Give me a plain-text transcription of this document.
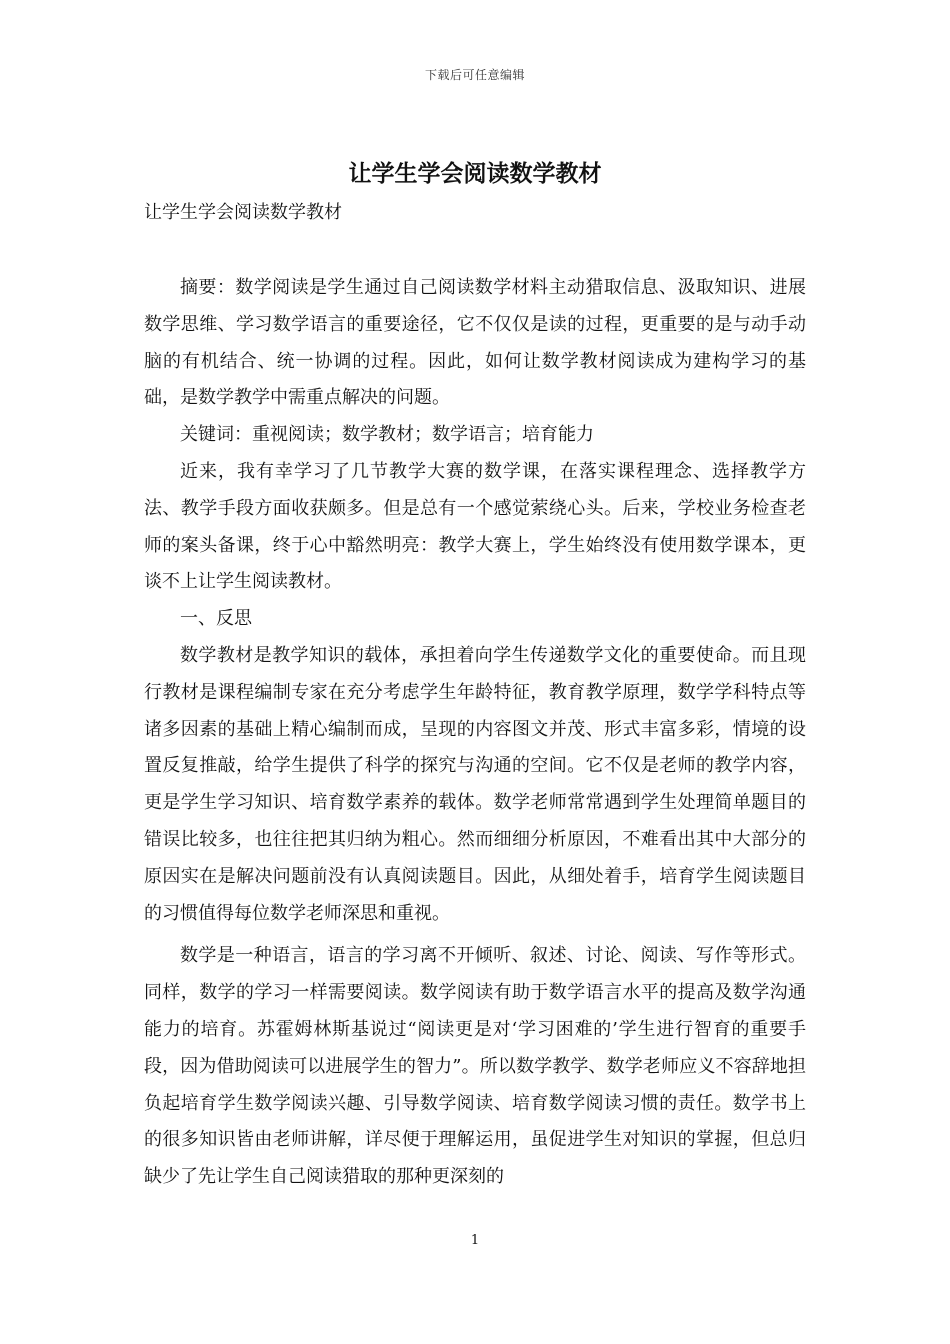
下载后可任意编辑
让学生学会阅读数学教材
让学生学会阅读数学教材

摘要：数学阅读是学生通过自己阅读数学材料主动猎取信息、汲取知识、进展数学思维、学习数学语言的重要途径，它不仅仅是读的过程，更重要的是与动手动脑的有机结合、统一协调的过程。因此，如何让数学教材阅读成为建构学习的基础，是数学教学中需重点解决的问题。

关键词：重视阅读；数学教材；数学语言；培育能力

近来，我有幸学习了几节教学大赛的数学课，在落实课程理念、选择教学方法、教学手段方面收获颇多。但是总有一个感觉萦绕心头。后来，学校业务检查老师的案头备课，终于心中豁然明亮：教学大赛上，学生始终没有使用数学课本，更谈不上让学生阅读教材。

一、反思

数学教材是教学知识的载体，承担着向学生传递数学文化的重要使命。而且现行教材是课程编制专家在充分考虑学生年龄特征，教育教学原理，数学学科特点等诸多因素的基础上精心编制而成，呈现的内容图文并茂、形式丰富多彩，情境的设置反复推敲，给学生提供了科学的探究与沟通的空间。它不仅是老师的教学内容，更是学生学习知识、培育数学素养的载体。数学老师常常遇到学生处理简单题目的错误比较多，也往往把其归纳为粗心。然而细细分析原因，不难看出其中大部分的原因实在是解决问题前没有认真阅读题目。因此，从细处着手，培育学生阅读题目的习惯值得每位数学老师深思和重视。

数学是一种语言，语言的学习离不开倾听、叙述、讨论、阅读、写作等形式。同样，数学的学习一样需要阅读。数学阅读有助于数学语言水平的提高及数学沟通能力的培育。苏霍姆林斯基说过“阅读更是对‘学习困难的’学生进行智育的重要手段，因为借助阅读可以进展学生的智力”。所以数学教学、数学老师应义不容辞地担负起培育学生数学阅读兴趣、引导数学阅读、培育数学阅读习惯的责任。数学书上的很多知识皆由老师讲解，详尽便于理解运用，虽促进学生对知识的掌握，但总归缺少了先让学生自己阅读猎取的那种更深刻的

1
